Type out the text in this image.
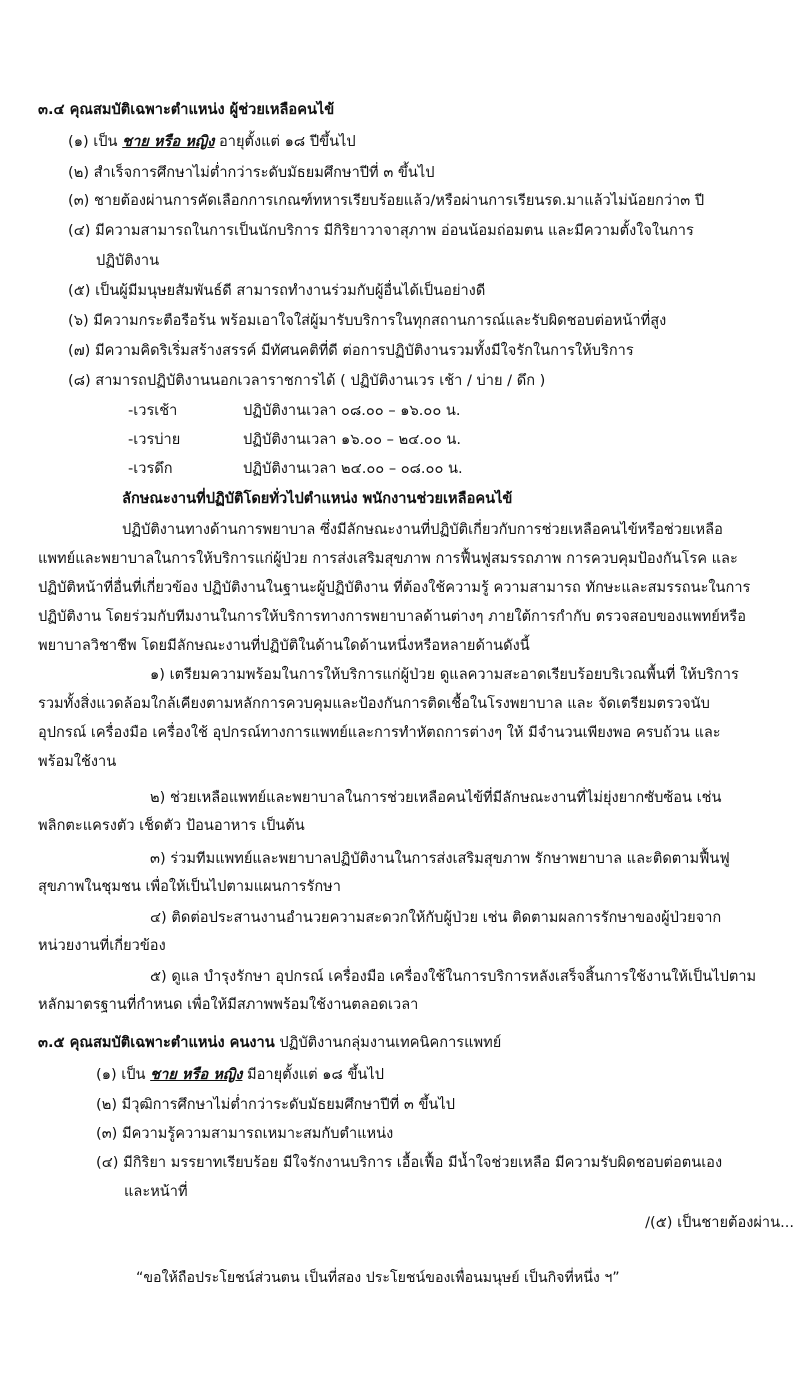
๓.๔ คุณสมบัติเฉพาะตำแหน่ง ผู้ช่วยเหลือคนไข้
(๑) เป็น ชาย หรือ หญิง อายุตั้งแต่ ๑๘ ปีขึ้นไป
(๒) สำเร็จการศึกษาไม่ต่ำกว่าระดับมัธยมศึกษาปีที่ ๓ ขึ้นไป
(๓) ชายต้องผ่านการคัดเลือกการเกณฑ์ทหารเรียบร้อยแล้ว/หรือผ่านการเรียนรด.มาแล้วไม่น้อยกว่า๓ ปี
(๔) มีความสามารถในการเป็นนักบริการ มีกิริยาวาจาสุภาพ อ่อนน้อมถ่อมตน และมีความตั้งใจในการ
ปฏิบัติงาน
(๕) เป็นผู้มีมนุษยสัมพันธ์ดี สามารถทำงานร่วมกับผู้อื่นได้เป็นอย่างดี
(๖) มีความกระตือรือร้น พร้อมเอาใจใส่ผู้มารับบริการในทุกสถานการณ์และรับผิดชอบต่อหน้าที่สูง
(๗) มีความคิดริเริ่มสร้างสรรค์ มีทัศนคติที่ดี ต่อการปฏิบัติงานรวมทั้งมีใจรักในการให้บริการ
(๘) สามารถปฏิบัติงานนอกเวลาราชการได้ ( ปฏิบัติงานเวร เช้า / บ่าย / ดึก )
-เวรเช้า	ปฏิบัติงานเวลา ๐๘.๐๐ – ๑๖.๐๐ น.
-เวรบ่าย	ปฏิบัติงานเวลา ๑๖.๐๐ – ๒๔.๐๐ น.
-เวรดึก	ปฏิบัติงานเวลา ๒๔.๐๐ – ๐๘.๐๐ น.
ลักษณะงานที่ปฏิบัติโดยทั่วไปตำแหน่ง พนักงานช่วยเหลือคนไข้
ปฏิบัติงานทางด้านการพยาบาล ซึ่งมีลักษณะงานที่ปฏิบัติเกี่ยวกับการช่วยเหลือคนไข้หรือช่วยเหลือ
แพทย์และพยาบาลในการให้บริการแก่ผู้ป่วย การส่งเสริมสุขภาพ การฟื้นฟูสมรรถภาพ การควบคุมป้องกันโรค และ
ปฏิบัติหน้าที่อื่นที่เกี่ยวข้อง ปฏิบัติงานในฐานะผู้ปฏิบัติงาน ที่ต้องใช้ความรู้ ความสามารถ ทักษะและสมรรถนะในการ
ปฏิบัติงาน โดยร่วมกับทีมงานในการให้บริการทางการพยาบาลด้านต่างๆ ภายใต้การกำกับ ตรวจสอบของแพทย์หรือ
พยาบาลวิชาชีพ โดยมีลักษณะงานที่ปฏิบัติในด้านใดด้านหนึ่งหรือหลายด้านดังนี้
๑) เตรียมความพร้อมในการให้บริการแก่ผู้ป่วย ดูแลความสะอาดเรียบร้อยบริเวณพื้นที่ ให้บริการ
รวมทั้งสิ่งแวดล้อมใกล้เคียงตามหลักการควบคุมและป้องกันการติดเชื้อในโรงพยาบาล และ จัดเตรียมตรวจนับ
อุปกรณ์ เครื่องมือ เครื่องใช้ อุปกรณ์ทางการแพทย์และการทำหัตถการต่างๆ ให้ มีจำนวนเพียงพอ ครบถ้วน และ
พร้อมใช้งาน
๒) ช่วยเหลือแพทย์และพยาบาลในการช่วยเหลือคนไข้ที่มีลักษณะงานที่ไม่ยุ่งยากซับซ้อน เช่น
พลิกตะแครงตัว เช็ดตัว ป้อนอาหาร เป็นต้น
๓) ร่วมทีมแพทย์และพยาบาลปฏิบัติงานในการส่งเสริมสุขภาพ รักษาพยาบาล และติดตามฟื้นฟู
สุขภาพในชุมชน เพื่อให้เป็นไปตามแผนการรักษา
๔) ติดต่อประสานงานอำนวยความสะดวกให้กับผู้ป่วย เช่น ติดตามผลการรักษาของผู้ป่วยจาก
หน่วยงานที่เกี่ยวข้อง
๕) ดูแล บำรุงรักษา อุปกรณ์ เครื่องมือ เครื่องใช้ในการบริการหลังเสร็จสิ้นการใช้งานให้เป็นไปตาม
หลักมาตรฐานที่กำหนด เพื่อให้มีสภาพพร้อมใช้งานตลอดเวลา
๓.๕ คุณสมบัติเฉพาะตำแหน่ง คนงาน ปฏิบัติงานกลุ่มงานเทคนิคการแพทย์
(๑) เป็น ชาย หรือ หญิง มีอายุตั้งแต่ ๑๘ ขึ้นไป
(๒) มีวุฒิการศึกษาไม่ต่ำกว่าระดับมัธยมศึกษาปีที่ ๓ ขึ้นไป
(๓) มีความรู้ความสามารถเหมาะสมกับตำแหน่ง
(๔) มีกิริยา มรรยาทเรียบร้อย มีใจรักงานบริการ เอื้อเฟื้อ มีน้ำใจช่วยเหลือ มีความรับผิดชอบต่อตนเอง
และหน้าที่
/(๕) เป็นชายต้องผ่าน...
“ขอให้ถือประโยชน์ส่วนตน เป็นที่สอง ประโยชน์ของเพื่อนมนุษย์ เป็นกิจที่หนึ่ง ฯ”
